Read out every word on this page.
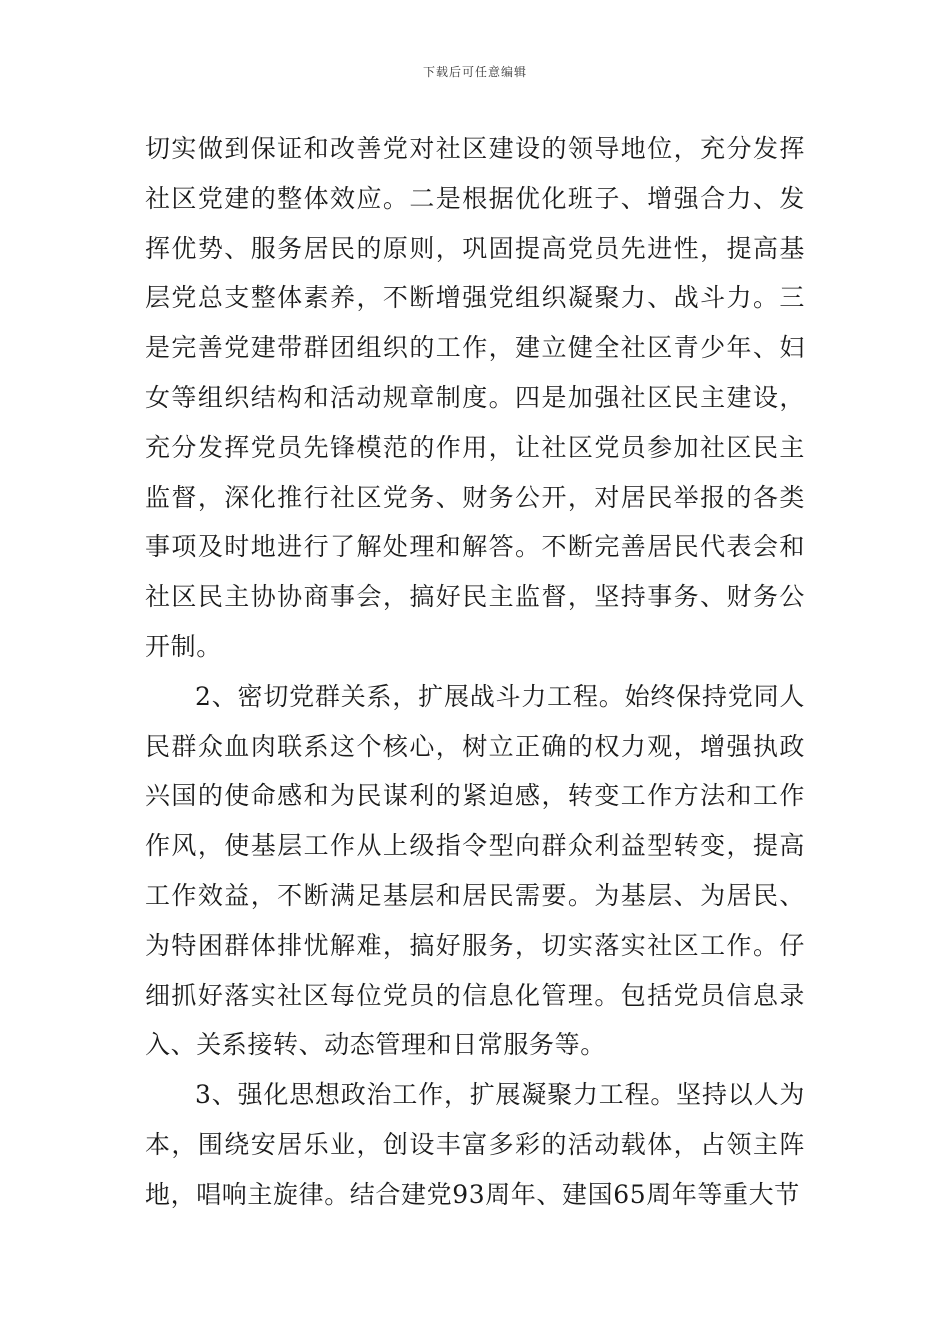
下载后可任意编辑

切实做到保证和改善党对社区建设的领导地位，充分发挥社区党建的整体效应。二是根据优化班子、增强合力、发挥优势、服务居民的原则，巩固提高党员先进性，提高基层党总支整体素养，不断增强党组织凝聚力、战斗力。三是完善党建带群团组织的工作，建立健全社区青少年、妇女等组织结构和活动规章制度。四是加强社区民主建设，充分发挥党员先锋模范的作用，让社区党员参加社区民主监督，深化推行社区党务、财务公开，对居民举报的各类事项及时地进行了解处理和解答。不断完善居民代表会和社区民主协协商事会，搞好民主监督，坚持事务、财务公开制。

2、密切党群关系，扩展战斗力工程。始终保持党同人民群众血肉联系这个核心，树立正确的权力观，增强执政兴国的使命感和为民谋利的紧迫感，转变工作方法和工作作风，使基层工作从上级指令型向群众利益型转变，提高工作效益，不断满足基层和居民需要。为基层、为居民、为特困群体排忧解难，搞好服务，切实落实社区工作。仔细抓好落实社区每位党员的信息化管理。包括党员信息录入、关系接转、动态管理和日常服务等。

3、强化思想政治工作，扩展凝聚力工程。坚持以人为本，围绕安居乐业，创设丰富多彩的活动载体，占领主阵地，唱响主旋律。结合建党93周年、建国65周年等重大节
